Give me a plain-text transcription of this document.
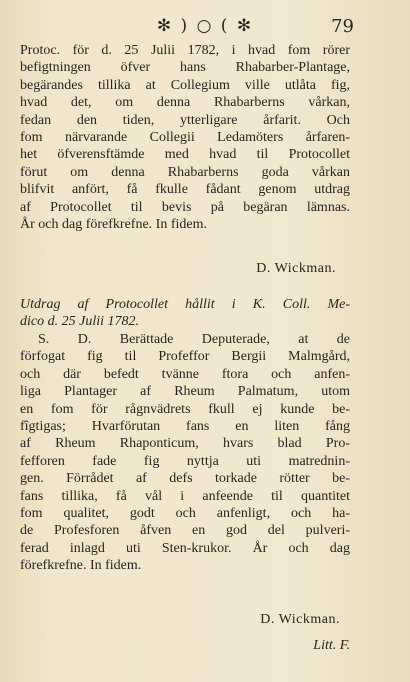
✻ ) ○ ( ✻	79
Protoc. för d. 25 Julii 1782, i hvad fom rörer
befigtningen öfver hans Rhabarber-Plantage,
begärandes tillika at Collegium ville utlåta fig,
hvad det, om denna Rhabarberns vårkan,
fedan den tiden, ytterligare årfarit. Och
fom närvarande Collegii Ledamöters årfaren-
het öfverensftämde med hvad til Protocollet
förut om denna Rhabarberns goda vårkan
blifvit anfört, få fkulle fådant genom utdrag
af Protocollet til bevis på begäran lämnas.
År och dag förefkrefne. In fidem.
D. Wickman.
Utdrag af Protocollet hållit i K. Coll. Me-
dico d. 25 Julii 1782.
S. D. Berättade Deputerade, at de
förfogat fig til Profeffor Bergii Malmgård,
och där befedt tvänne ftora och anfen-
liga Plantager af Rheum Palmatum, utom
en fom för rågnvädrets fkull ej kunde be-
fîgtigas; Hvarförutan fans en liten fång
af Rheum Rhaponticum, hvars blad Pro-
fefforen fade fig nyttja uti matrednin-
gen. Förrådet af defs torkade rötter be-
fans tillika, få vål i anfeende til quantitet
fom qualitet, godt och anfenligt, och ha-
de Profesforen åfven en god del pulveri-
ferad inlagd uti Sten-krukor. År och dag
förefkrefne. In fidem.
D. Wickman.
Litt. F.
